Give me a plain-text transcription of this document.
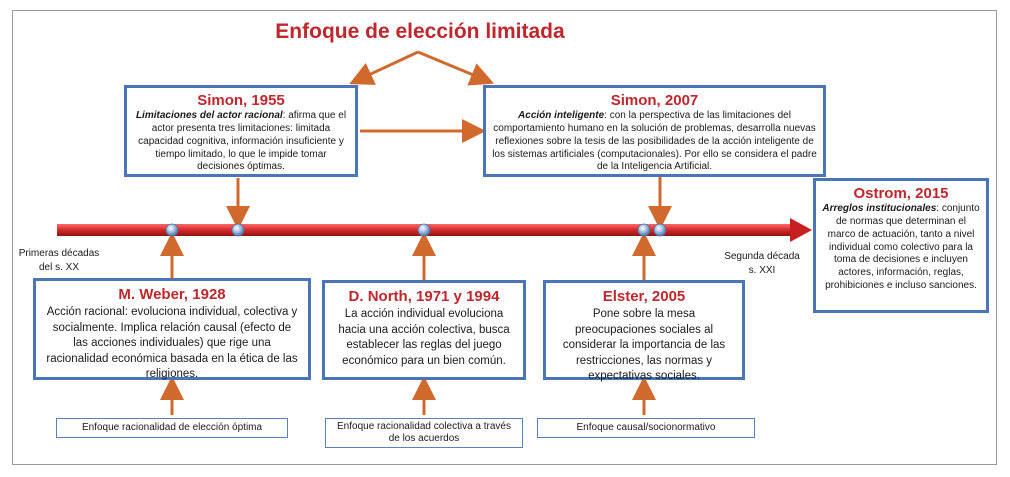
Enfoque de elección limitada
Simon, 1955

Limitaciones del actor racional: afirma que el actor presenta tres limitaciones: limitada capacidad cognitiva, información insuficiente y tiempo limitado, lo que le impide tomar decisiones óptimas.

Simon, 2007

Acción inteligente: con la perspectiva de las limitaciones del comportamiento humano en la solución de problemas, desarrolla nuevas reflexiones sobre la tesis de las posibilidades de la acción inteligente de los sistemas artificiales (computacionales). Por ello se considera el padre de la Inteligencia Artificial.

Ostrom, 2015

Arreglos institucionales: conjunto de normas que determinan el marco de actuación, tanto a nivel individual como colectivo para la toma de decisiones e incluyen actores, información, reglas, prohibiciones e incluso sanciones.

M. Weber, 1928

Acción racional: evoluciona individual, colectiva y socialmente. Implica relación causal (efecto de las acciones individuales) que rige una racionalidad económica basada en la ética de las religiones.

D. North, 1971 y 1994

La acción individual evoluciona hacia una acción colectiva, busca establecer las reglas del juego económico para un bien común.

Elster, 2005

Pone sobre la mesa preocupaciones sociales al considerar la importancia de las restricciones, las normas y expectativas sociales.

Primeras décadas del s. XX
Segunda década s. XXI
Enfoque racionalidad de elección óptima	Enfoque racionalidad colectiva a través de los acuerdos
Enfoque causal/socionormativo
